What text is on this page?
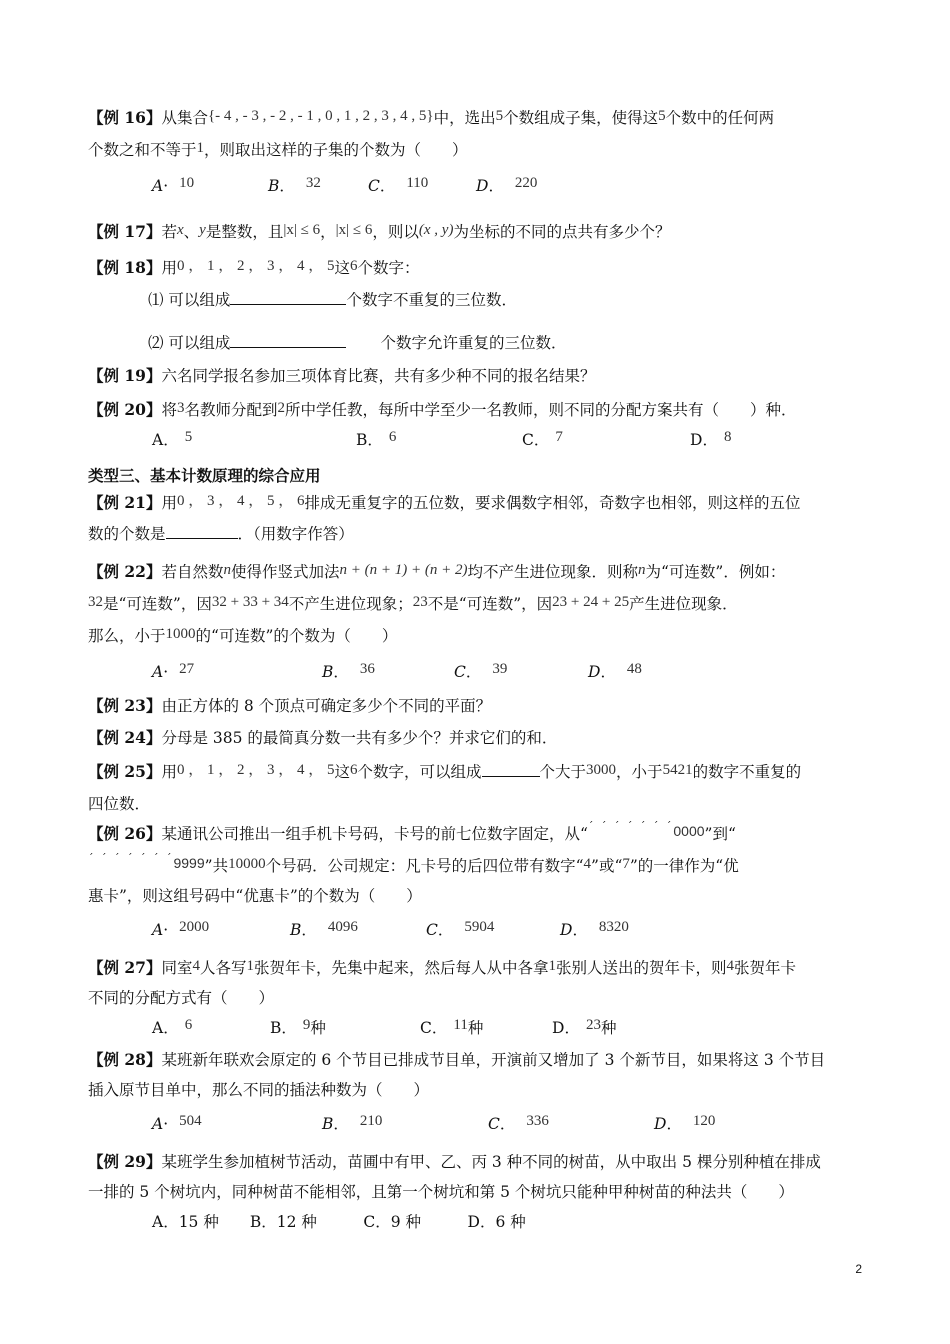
【例 16】从集合{- 4 , - 3 , - 2 , - 1 , 0 , 1 , 2 , 3 , 4 , 5}中，选出5个数组成子集，使得这5个数中的任何两
个数之和不等于1，则取出这样的子集的个数为（　　）
A· 10	B． 32	C． 110	D． 220
【例 17】若x、y是整数，且|x| ≤ 6，|x| ≤ 6，则以(x , y)为坐标的不同的点共有多少个？
【例 18】用0 ， 1 ， 2 ， 3 ， 4 ， 5这6个数字：
⑴ 可以组成	个数字不重复的三位数．
⑵ 可以组成	个数字允许重复的三位数．
【例 19】六名同学报名参加三项体育比赛，共有多少种不同的报名结果？
【例 20】将3名教师分配到2所中学任教，每所中学至少一名教师，则不同的分配方案共有（　　）种．
A． 5	B． 6	C． 7	D． 8
类型三、基本计数原理的综合应用
【例 21】用0 ， 3 ， 4 ， 5 ， 6排成无重复字的五位数，要求偶数字相邻，奇数字也相邻，则这样的五位
数的个数是	．（用数字作答）
【例 22】若自然数n使得作竖式加法n + (n + 1) + (n + 2)均不产生进位现象．则称n为“可连数”．例如：
32是“可连数”，因32 + 33 + 34不产生进位现象；23不是“可连数”，因23 + 24 + 25产生进位现象．
那么，小于1000的“可连数”的个数为（　　）
A· 27	B． 36	C． 39	D． 48
【例 23】由正方体的 8 个顶点可确定多少个不同的平面？
【例 24】分母是 385 的最简真分数一共有多少个？并求它们的和．
【例 25】用0 ， 1 ， 2 ， 3 ， 4 ， 5这6个数字，可以组成	个大于3000，小于5421的数字不重复的
四位数．
【例 26】某通讯公司推出一组手机卡号码，卡号的前七位数字固定，从“´ ´ ´ ´ ´ ´ ´0000”到“
´ ´ ´ ´ ´ ´ ´9999”共10000个号码．公司规定：凡卡号的后四位带有数字“4”或“7”的一律作为“优
惠卡”，则这组号码中“优惠卡”的个数为（　　）
A· 2000	B． 4096	C． 5904	D． 8320
【例 27】同室4人各写1张贺年卡，先集中起来，然后每人从中各拿1张别人送出的贺年卡，则4张贺年卡
不同的分配方式有（　　）
A． 6	B． 9种	C． 11种	D． 23种
【例 28】某班新年联欢会原定的 6 个节目已排成节目单，开演前又增加了 3 个新节目，如果将这 3 个节目
插入原节目单中，那么不同的插法种数为（　　）
A· 504	B． 210	C． 336	D． 120
【例 29】某班学生参加植树节活动，苗圃中有甲、乙、丙 3 种不同的树苗，从中取出 5 棵分别种植在排成
一排的 5 个树坑内，同种树苗不能相邻，且第一个树坑和第 5 个树坑只能种甲种树苗的种法共（　　）
A．15 种　　B．12 种　　　C．9 种　　　D．6 种
2
